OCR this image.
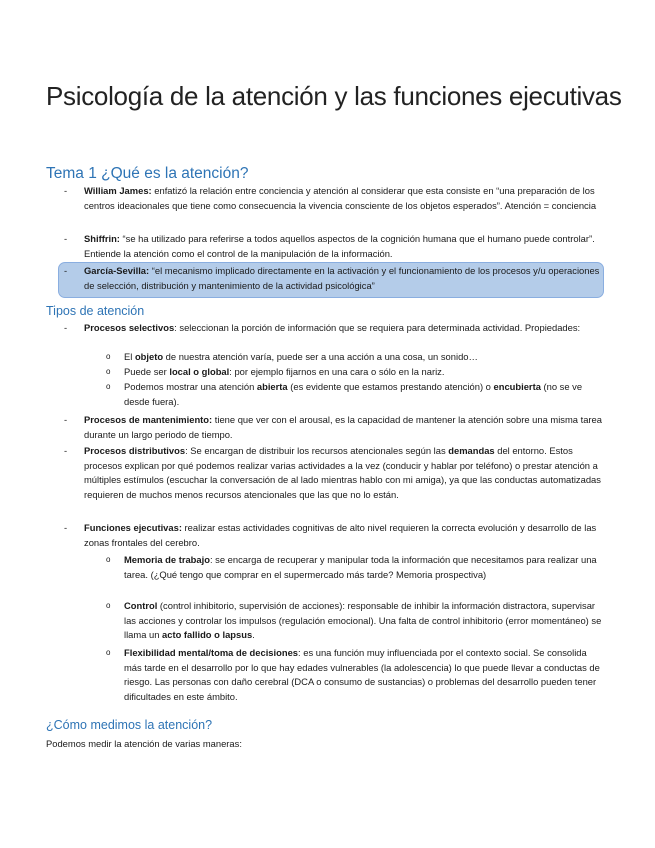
Psicología de la atención y las funciones ejecutivas
Tema 1 ¿Qué es la atención?
- William James: enfatizó la relación entre conciencia y atención al considerar que esta consiste en “una preparación de los centros ideacionales que tiene como consecuencia la vivencia consciente de los objetos esperados”. Atención = conciencia

- Shiffrin: “se ha utilizado para referirse a todos aquellos aspectos de la cognición humana que el humano puede controlar”. Entiende la atención como el control de la manipulación de la información.

- García-Sevilla: “el mecanismo implicado directamente en la activación y el funcionamiento de los procesos y/u operaciones de selección, distribución y mantenimiento de la actividad psicológica”

Tipos de atención
- Procesos selectivos: seleccionan la porción de información que se requiera para determinada actividad. Propiedades:

o El objeto de nuestra atención varía, puede ser a una acción a una cosa, un sonido…

o Puede ser local o global: por ejemplo fijarnos en una cara o sólo en la nariz.

o Podemos mostrar una atención abierta (es evidente que estamos prestando atención) o encubierta (no se ve desde fuera).

- Procesos de mantenimiento: tiene que ver con el arousal, es la capacidad de mantener la atención sobre una misma tarea durante un largo periodo de tiempo.

- Procesos distributivos: Se encargan de distribuir los recursos atencionales según las demandas del entorno. Estos procesos explican por qué podemos realizar varias actividades a la vez (conducir y hablar por teléfono) o prestar atención a múltiples estímulos (escuchar la conversación de al lado mientras hablo con mi amiga), ya que las conductas automatizadas requieren de muchos menos recursos atencionales que las que no lo están.

- Funciones ejecutivas: realizar estas actividades cognitivas de alto nivel requieren la correcta evolución y desarrollo de las zonas frontales del cerebro.

o Memoria de trabajo: se encarga de recuperar y manipular toda la información que necesitamos para realizar una tarea. (¿Qué tengo que comprar en el supermercado más tarde? Memoria prospectiva)

o Control (control inhibitorio, supervisión de acciones): responsable de inhibir la información distractora, supervisar las acciones y controlar los impulsos (regulación emocional). Una falta de control inhibitorio (error momentáneo) se llama un acto fallido o lapsus.

o Flexibilidad mental/toma de decisiones: es una función muy influenciada por el contexto social. Se consolida más tarde en el desarrollo por lo que hay edades vulnerables (la adolescencia) lo que puede llevar a conductas de riesgo. Las personas con daño cerebral (DCA o consumo de sustancias) o problemas del desarrollo pueden tener dificultades en este ámbito.

¿Cómo medimos la atención?

Podemos medir la atención de varias maneras:
